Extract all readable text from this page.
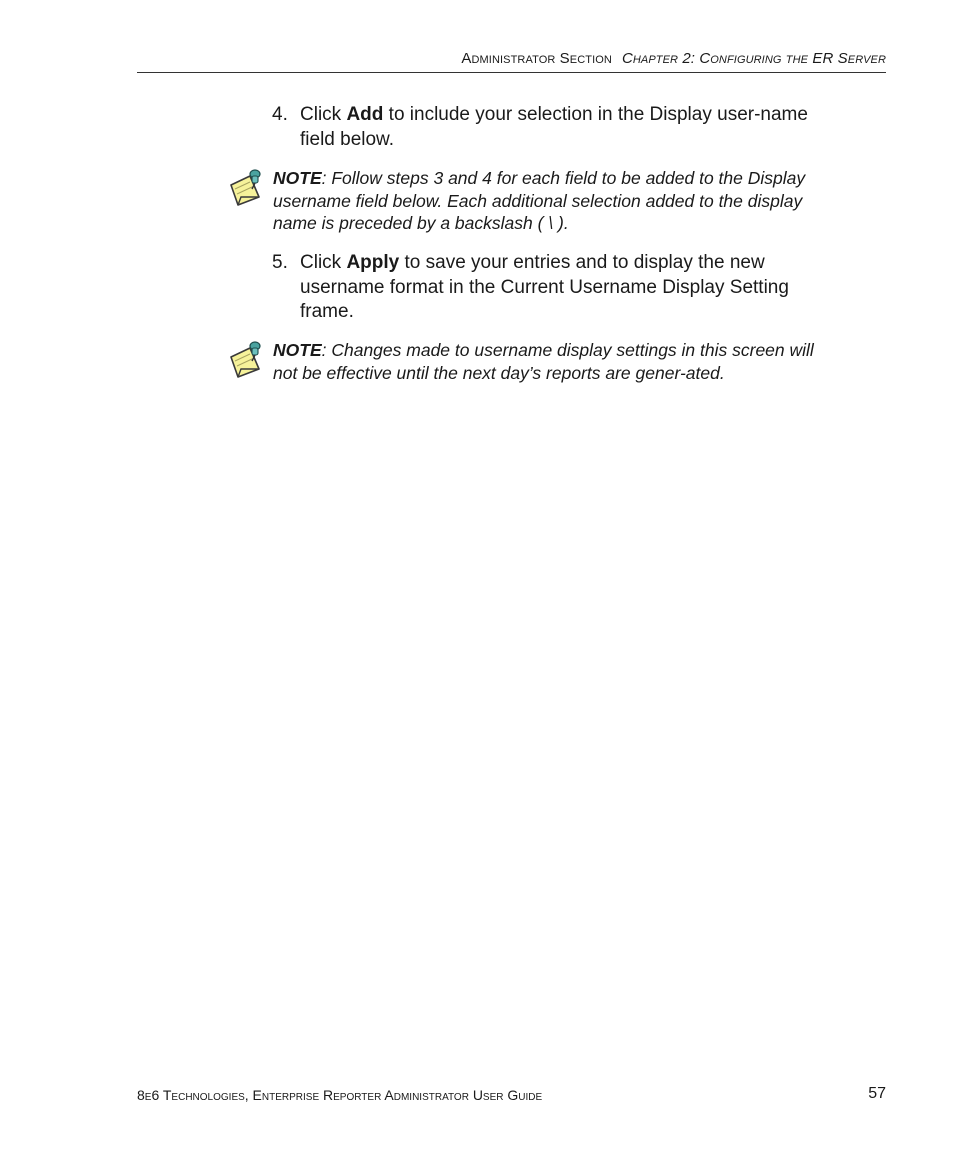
Administrator Section Chapter 2: Configuring the ER Server
4. Click Add to include your selection in the Display user-name field below.
NOTE: Follow steps 3 and 4 for each field to be added to the Display username field below. Each additional selection added to the display name is preceded by a backslash ( \ ).
5. Click Apply to save your entries and to display the new username format in the Current Username Display Setting frame.
NOTE: Changes made to username display settings in this screen will not be effective until the next day’s reports are gener-ated.
8e6 Technologies, Enterprise Reporter Administrator User Guide	57
